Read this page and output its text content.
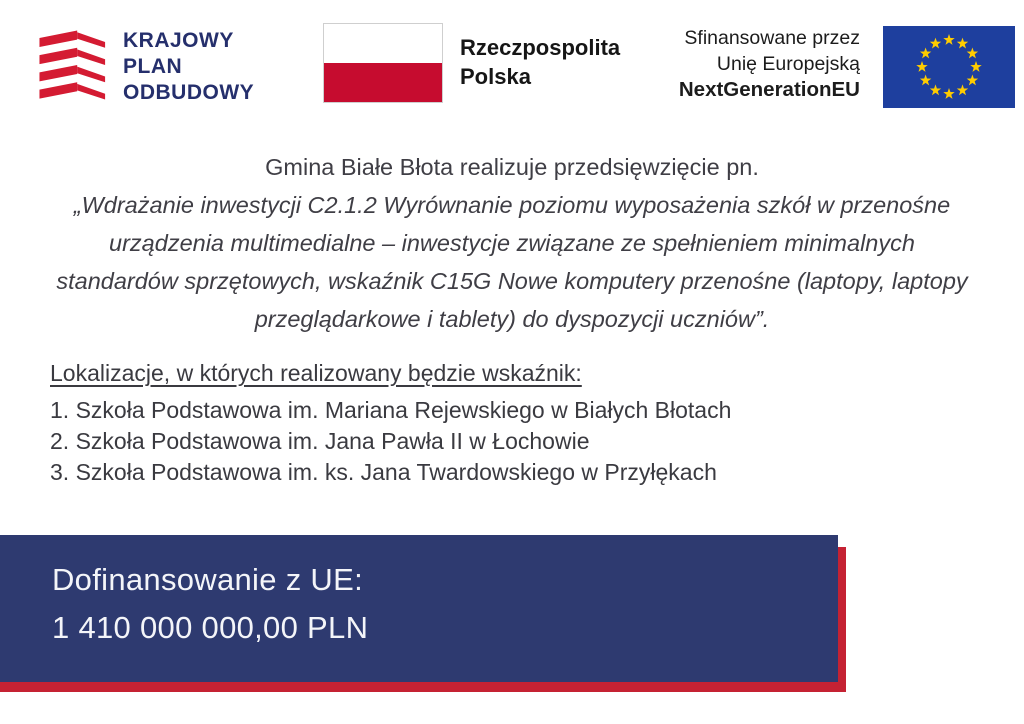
KRAJOWY
PLAN
ODBUDOWY
Rzeczpospolita
Polska
Sfinansowane przez
Unię Europejską
NextGenerationEU
Gmina Białe Błota realizuje przedsięwzięcie pn.
„Wdrażanie inwestycji C2.1.2 Wyrównanie poziomu wyposażenia szkół w przenośne urządzenia multimedialne – inwestycje związane ze spełnieniem minimalnych standardów sprzętowych, wskaźnik C15G Nowe komputery przenośne (laptopy, laptopy przeglądarkowe i tablety) do dyspozycji uczniów”.
Lokalizacje, w których realizowany będzie wskaźnik:
1. Szkoła Podstawowa im. Mariana Rejewskiego w Białych Błotach
2. Szkoła Podstawowa im. Jana Pawła II w Łochowie
3. Szkoła Podstawowa im. ks. Jana Twardowskiego w Przyłękach
Dofinansowanie z UE:
1 410 000 000,00 PLN
